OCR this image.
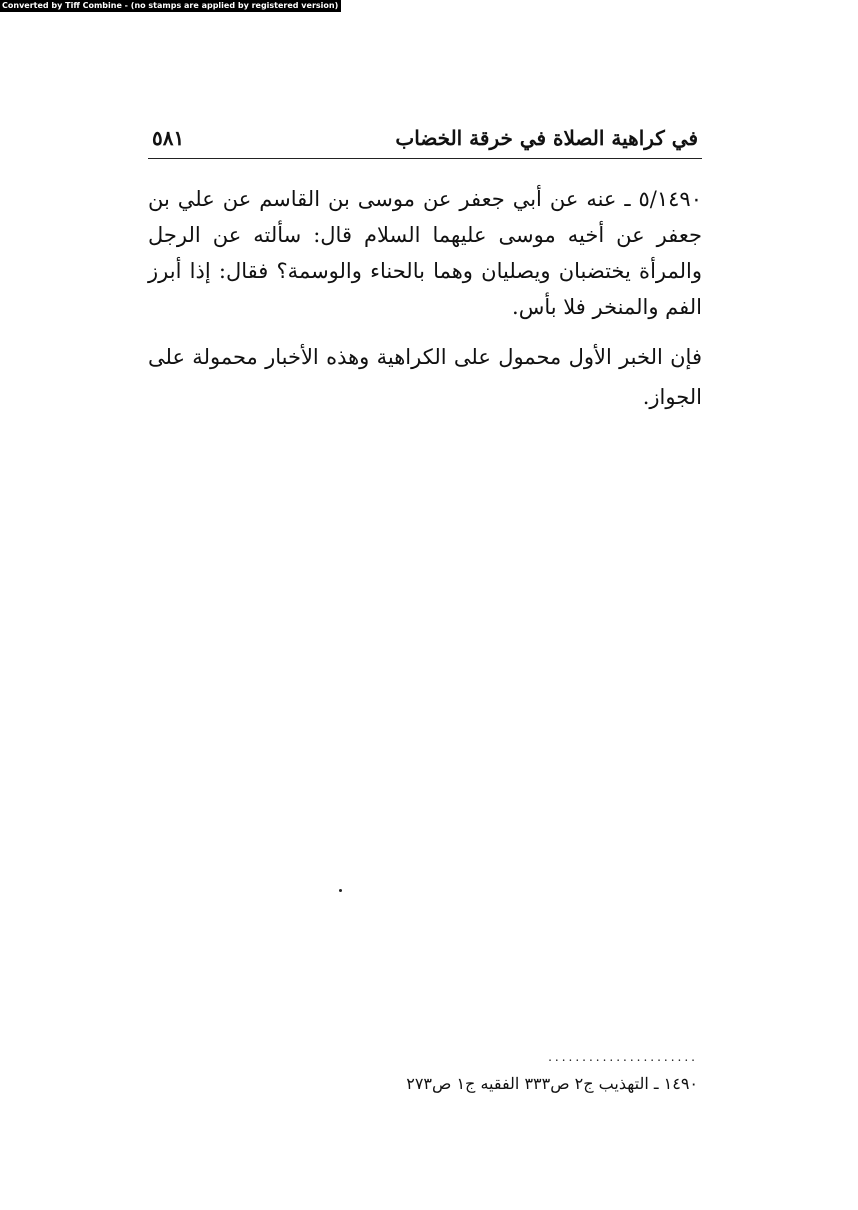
Converted by Tiff Combine - (no stamps are applied by registered version)
في كراهية الصلاة في خرقة الخضاب
٥٨١

٥/١٤٩٠ ـ عنه عن أبي جعفر عن موسى بن القاسم عن علي بن جعفر عن أخيه موسى عليهما السلام قال: سألته عن الرجل والمرأة يختضبان ويصليان وهما بالحناء والوسمة؟ فقال: إذا أبرز الفم والمنخر فلا بأس.

فإن الخبر الأول محمول على الكراهية وهذه الأخبار محمولة على الجواز.

......................
١٤٩٠ ـ التهذيب ج٢ ص٣٣٣ الفقيه ج١ ص٢٧٣
